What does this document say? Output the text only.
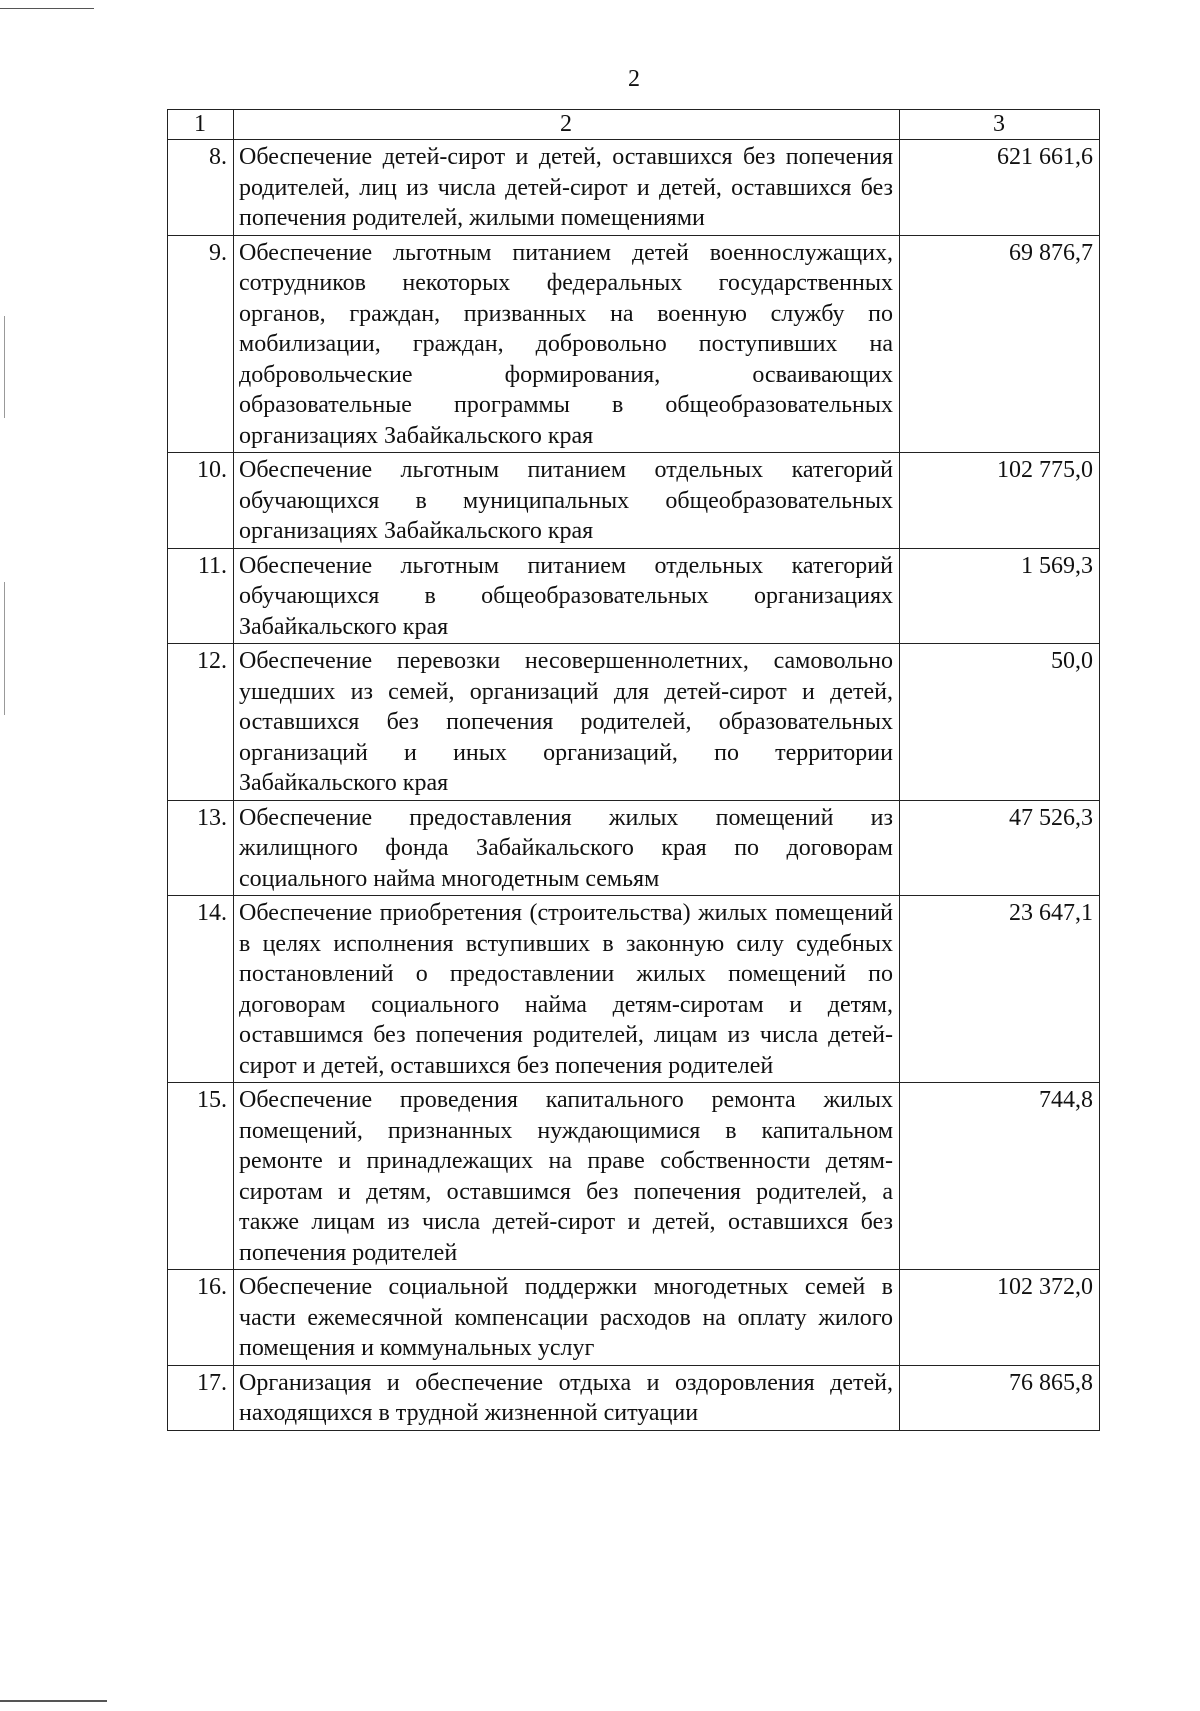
2
1	2	3
8.	Обеспечение детей-сирот и детей, оставшихся без попечения родителей, лиц из числа детей-сирот и детей, оставшихся без попечения родителей, жилыми помещениями	621 661,6
9.	Обеспечение льготным питанием детей военнослужащих, сотрудников некоторых федеральных государственных органов, граждан, призванных на военную службу по мобилизации, граждан, добровольно поступивших на добровольческие формирования, осваивающих образовательные программы в общеобразовательных организациях Забайкальского края	69 876,7
10.	Обеспечение льготным питанием отдельных категорий обучающихся в муниципальных общеобразовательных организациях Забайкальского края	102 775,0
11.	Обеспечение льготным питанием отдельных категорий обучающихся в общеобразовательных организациях Забайкальского края	1 569,3
12.	Обеспечение перевозки несовершеннолетних, самовольно ушедших из семей, организаций для детей-сирот и детей, оставшихся без попечения родителей, образовательных организаций и иных организаций, по территории Забайкальского края	50,0
13.	Обеспечение предоставления жилых помещений из жилищного фонда Забайкальского края по договорам социального найма многодетным семьям	47 526,3
14.	Обеспечение приобретения (строительства) жилых помещений в целях исполнения вступивших в законную силу судебных постановлений о предоставлении жилых помещений по договорам социального найма детям-сиротам и детям, оставшимся без попечения родителей, лицам из числа детей-сирот и детей, оставшихся без попечения родителей	23 647,1
15.	Обеспечение проведения капитального ремонта жилых помещений, признанных нуждающимися в капитальном ремонте и принадлежащих на праве собственности детям-сиротам и детям, оставшимся без попечения родителей, а также лицам из числа детей-сирот и детей, оставшихся без попечения родителей	744,8
16.	Обеспечение социальной поддержки многодетных семей в части ежемесячной компенсации расходов на оплату жилого помещения и коммунальных услуг	102 372,0
17.	Организация и обеспечение отдыха и оздоровления детей, находящихся в трудной жизненной ситуации	76 865,8
